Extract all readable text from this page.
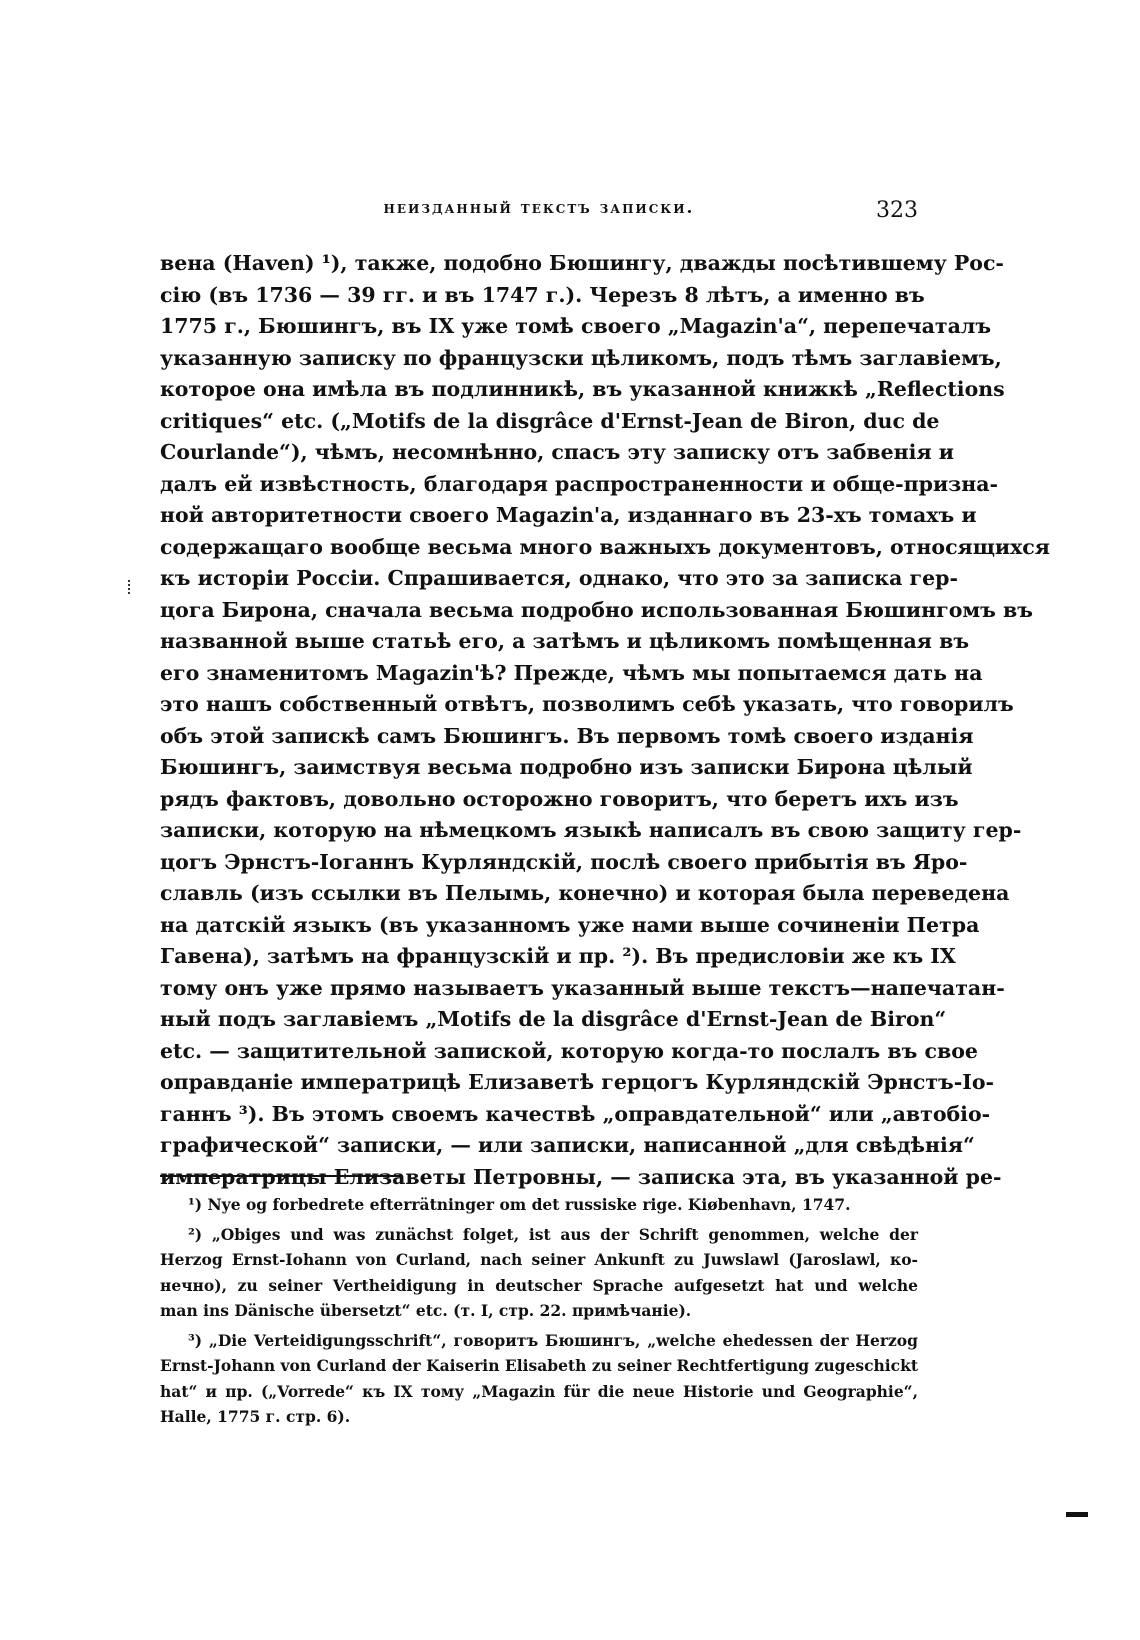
неизданный текстъ записки.	323
вена (Haven) ¹), также, подобно Бюшингу, дважды посѣтившему Рос-
сію (въ 1736 — 39 гг. и въ 1747 г.). Черезъ 8 лѣтъ, а именно въ
1775 г., Бюшингъ, въ IX уже томѣ своего „Magazin'a“, перепечаталъ
указанную записку по французски цѣликомъ, подъ тѣмъ заглавіемъ,
которое она имѣла въ подлинникѣ, въ указанной книжкѣ „Reflections
critiques“ etc. („Motifs de la disgrâce d'Ernst-Jean de Biron, duc de
Courlande“), чѣмъ, несомнѣнно, спасъ эту записку отъ забвенія и
далъ ей извѣстность, благодаря распространенности и обще-призна-
ной авторитетности своего Magazin'a, изданнаго въ 23-хъ томахъ и
содержащаго вообще весьма много важныхъ документовъ, относящихся
къ исторіи Россіи. Спрашивается, однако, что это за записка гер-
цога Бирона, сначала весьма подробно использованная Бюшингомъ въ
названной выше статьѣ его, а затѣмъ и цѣликомъ помѣщенная въ
его знаменитомъ Magazin'ѣ? Прежде, чѣмъ мы попытаемся дать на
это нашъ собственный отвѣтъ, позволимъ себѣ указать, что говорилъ
объ этой запискѣ самъ Бюшингъ. Въ первомъ томѣ своего изданія
Бюшингъ, заимствуя весьма подробно изъ записки Бирона цѣлый
рядъ фактовъ, довольно осторожно говоритъ, что беретъ ихъ изъ
записки, которую на нѣмецкомъ языкѣ написалъ въ свою защиту гер-
цогъ Эрнстъ-Іоганнъ Курляндскій, послѣ своего прибытія въ Яро-
славль (изъ ссылки въ Пелымь, конечно) и которая была переведена
на датскій языкъ (въ указанномъ уже нами выше сочиненіи Петра
Гавена), затѣмъ на французскій и пр. ²). Въ предисловіи же къ IX
тому онъ уже прямо называетъ указанный выше текстъ—напечатан-
ный подъ заглавіемъ „Motifs de la disgrâce d'Ernst-Jean de Biron“
etc. — защитительной запиской, которую когда-то послалъ въ свое
оправданіе императрицѣ Елизаветѣ герцогъ Курляндскій Эрнстъ-Іо-
ганнъ ³). Въ этомъ своемъ качествѣ „оправдательной“ или „автобіо-
графической“ записки, — или записки, написанной „для свѣдѣнія“
императрицы Елизаветы Петровны, — записка эта, въ указанной ре-
¹) Nye og forbedrete efterrätninger om det russiske rige. Kiøbenhavn, 1747.
²) „Obiges und was zunächst folget, ist aus der Schrift genommen, welche der
Herzog Ernst-Iohann von Curland, nach seiner Ankunft zu Juwslawl (Jaroslawl, ко-
нечно), zu seiner Vertheidigung in deutscher Sprache aufgesetzt hat und welche
man ins Dänische übersetzt“ etc. (т. I, стр. 22. примѣчаніе).
³) „Die Verteidigungsschrift“, говоритъ Бюшингъ, „welche ehedessen der Herzog
Ernst-Johann von Curland der Kaiserin Elisabeth zu seiner Rechtfertigung zugeschickt
hat“ и пр. („Vorrede“ къ IX тому „Magazin für die neue Historie und Geographie“,
Halle, 1775 г. стр. 6).
